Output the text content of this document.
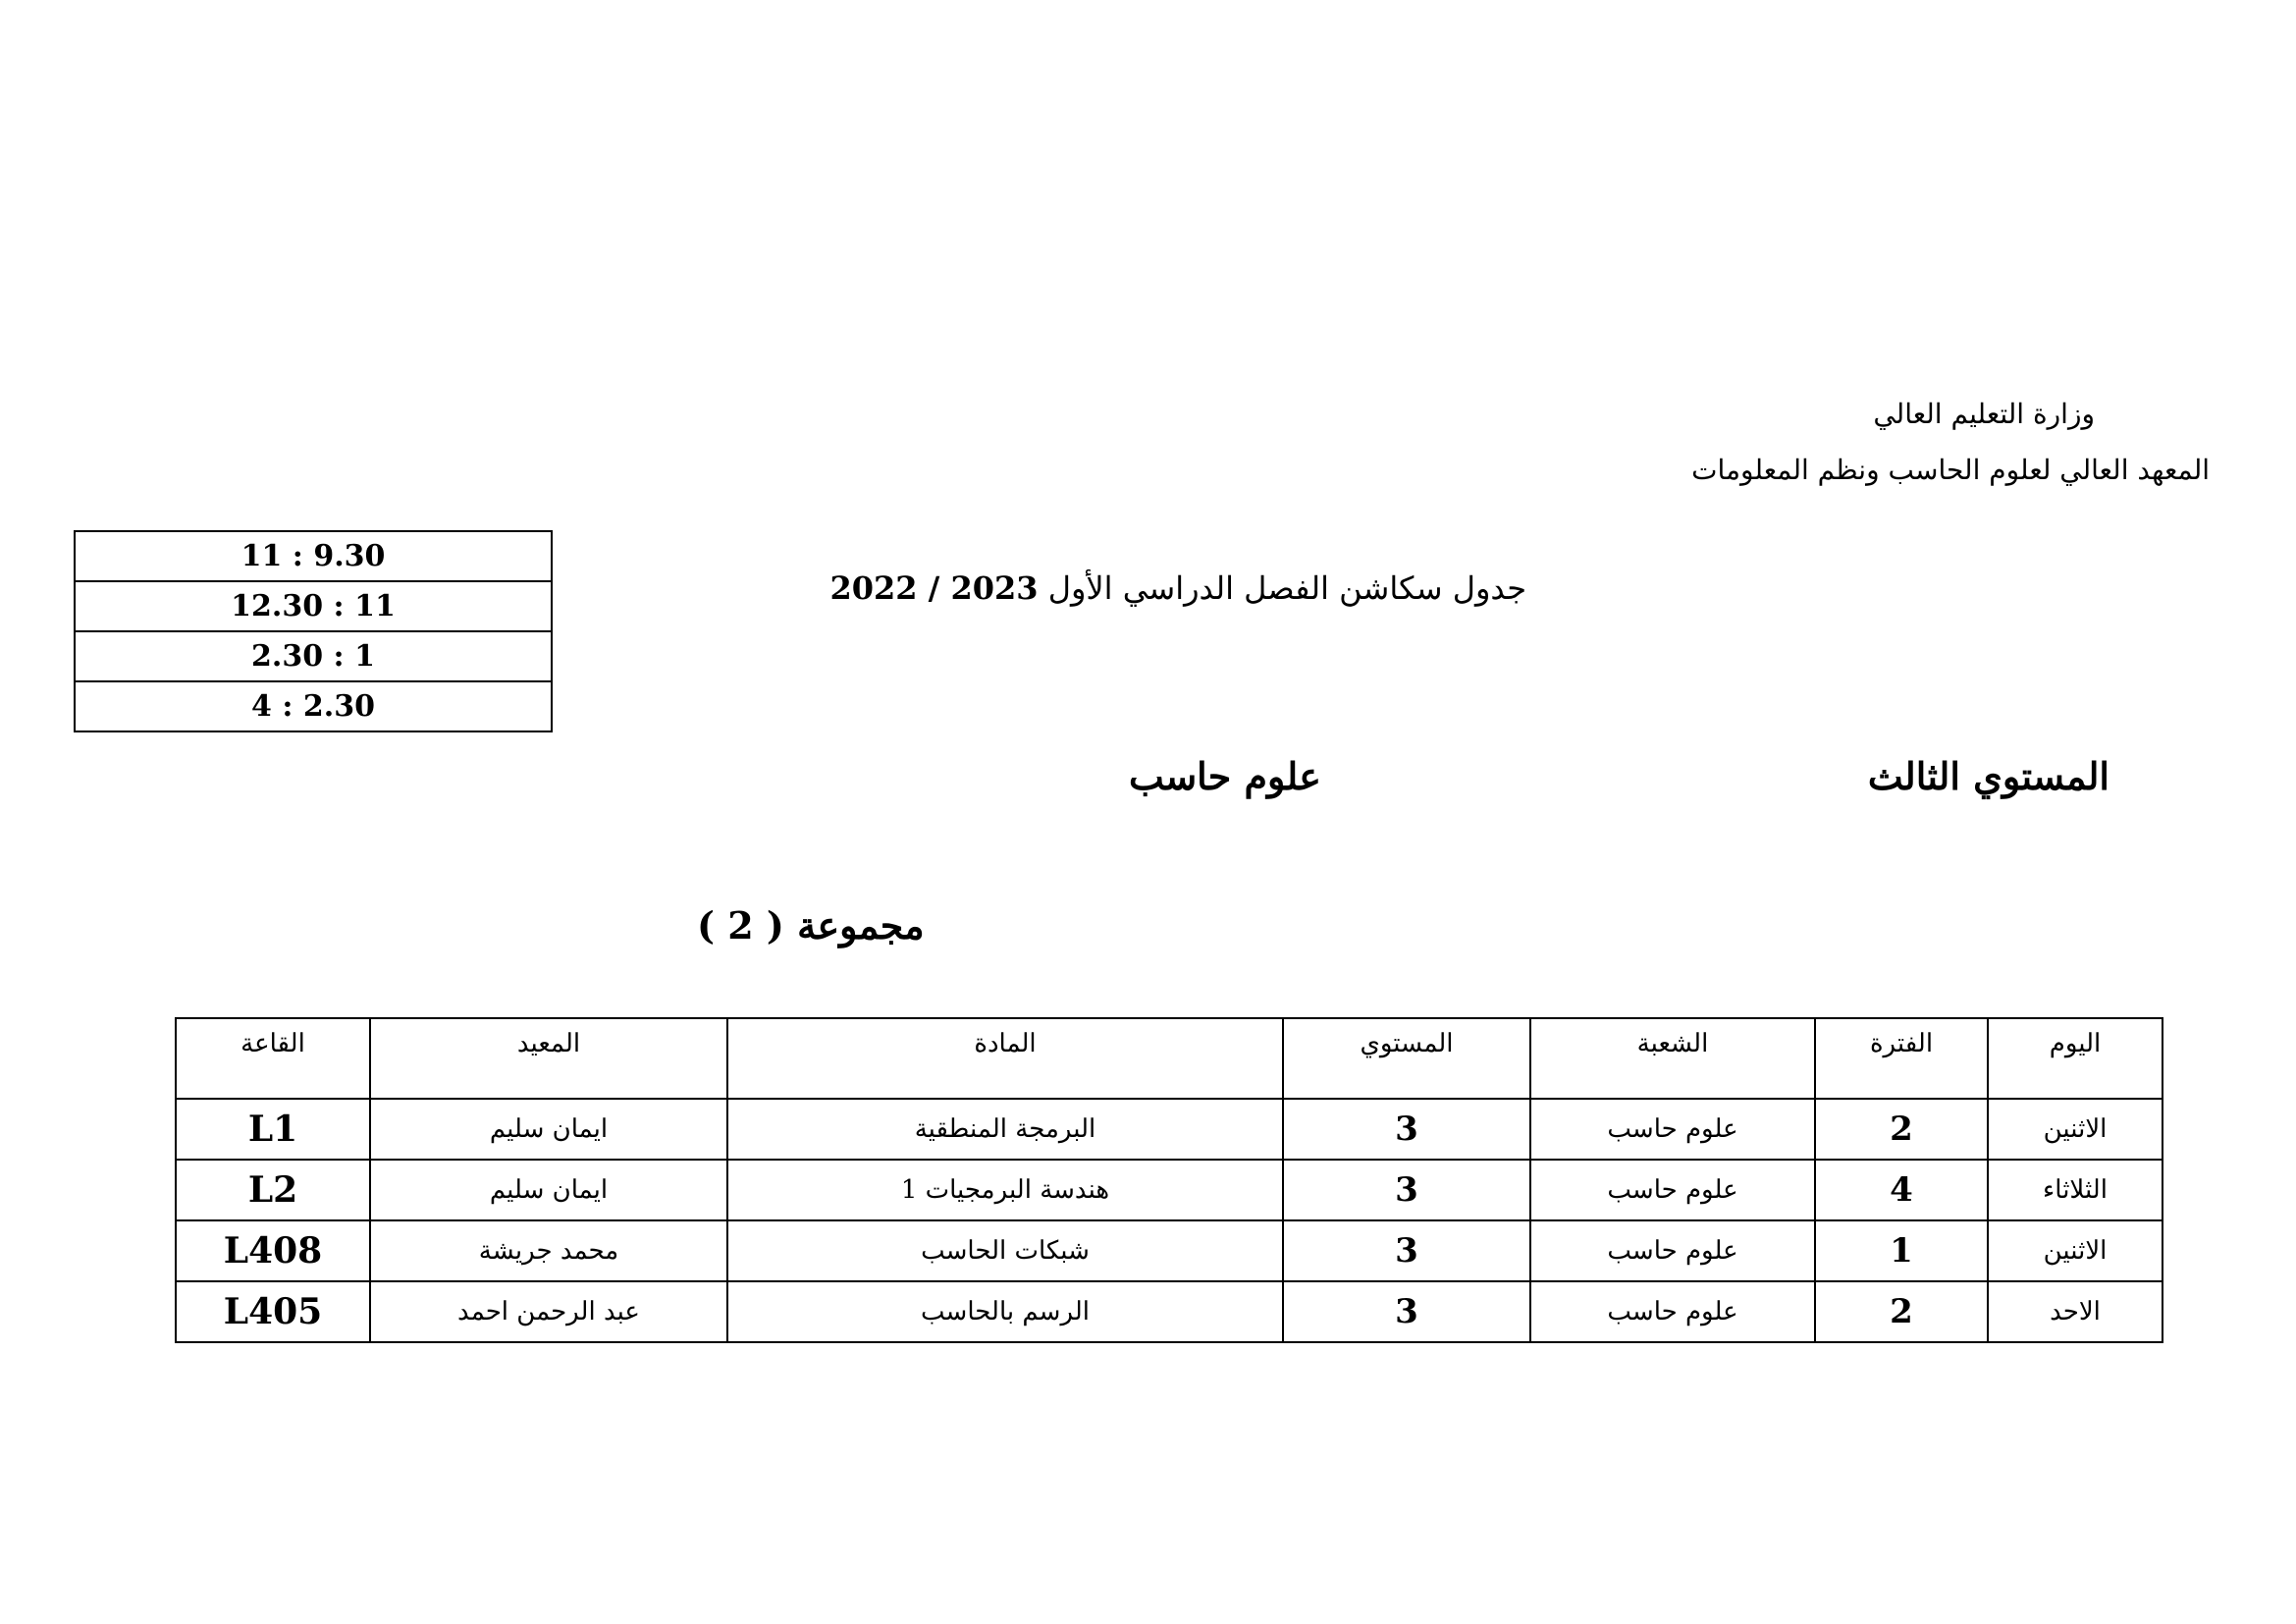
وزارة التعليم العالي
المعهد العالي لعلوم الحاسب ونظم المعلومات
جدول سكاشن الفصل الدراسي الأول 2022 / 2023
11 : 9.30
12.30 : 11
2.30 : 1
4 : 2.30
المستوي الثالث
علوم حاسب
مجموعة ( 2 )
اليوم	الفترة	الشعبة	المستوي	المادة	المعيد	القاعة
الاثنين	2	علوم حاسب	3	البرمجة المنطقية	ايمان سليم	L1
الثلاثاء	4	علوم حاسب	3	هندسة البرمجيات 1	ايمان سليم	L2
الاثنين	1	علوم حاسب	3	شبكات الحاسب	محمد جريشة	L408
الاحد	2	علوم حاسب	3	الرسم بالحاسب	عبد الرحمن احمد	L405
